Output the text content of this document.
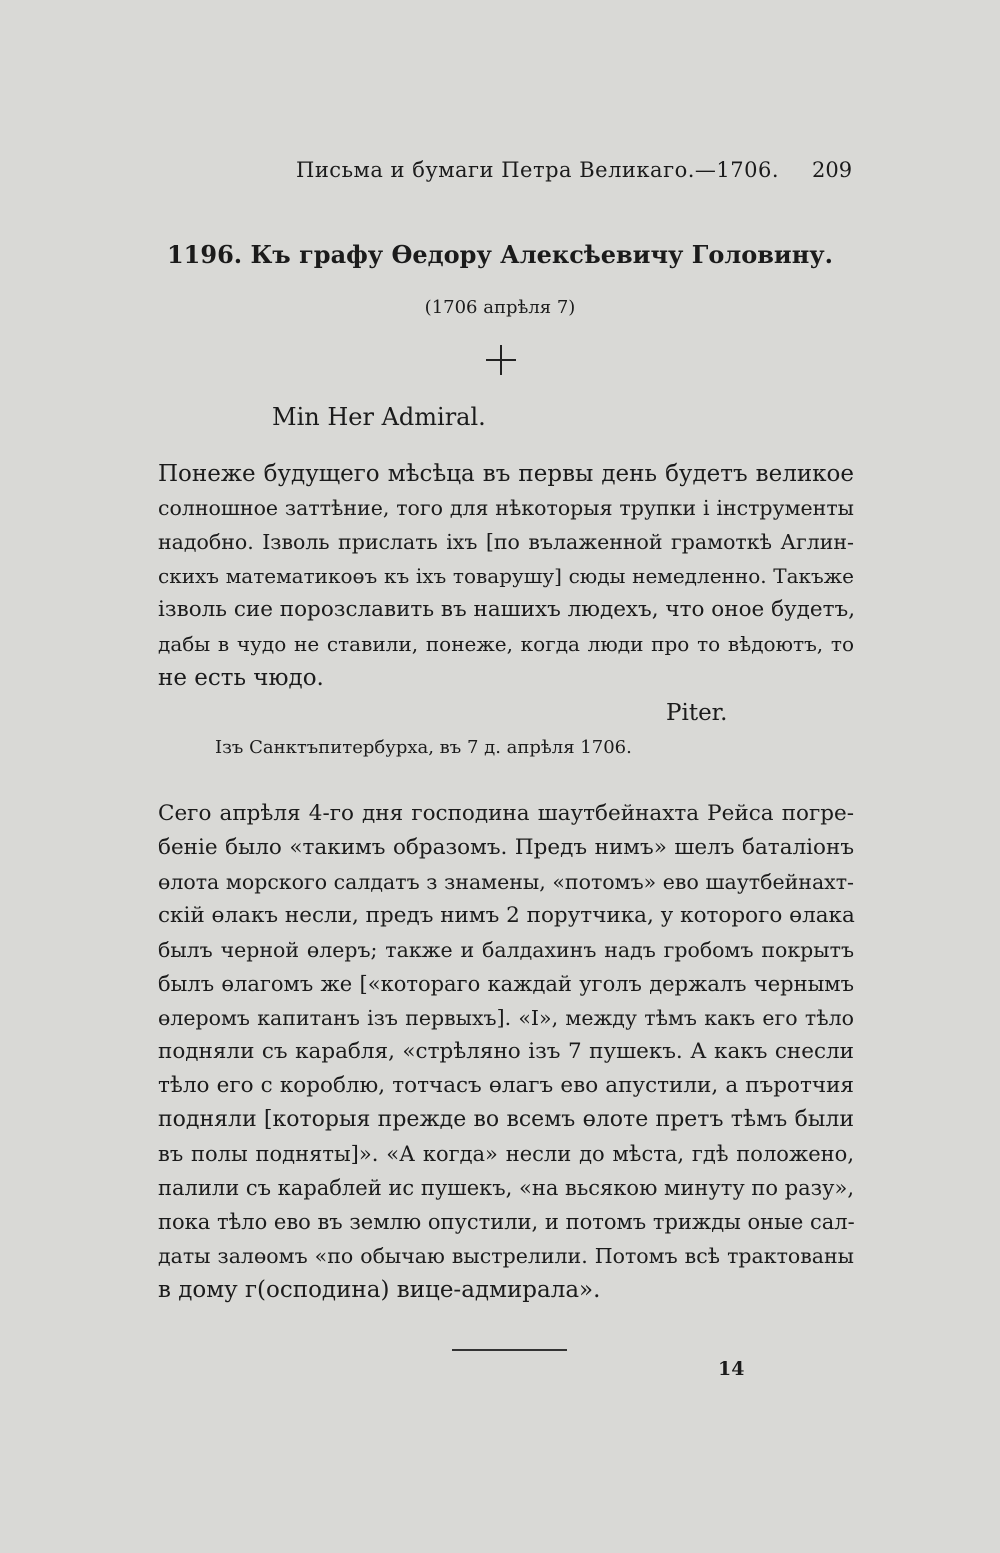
Письма и бумаги Петра Великаго.—1706. 209
1196. Къ графу Өедору Алексѣевичу Головину.
(1706 апрѣля 7)
Min Her Admiral.
Понеже будущего мѣсѣца въ первы день будетъ великое
солношное заттѣние, того для нѣкоторыя трупки і інструменты
надобно. Ізволь прислать іхъ [по вълаженной грамоткѣ Аглин-
скихъ математикоөъ къ іхъ товарушу] сюды немедленно. Такъже
ізволь сие порозславить въ нашихъ людехъ, что оное будетъ,
дабы в чудо не ставили, понеже, когда люди про то вѣдоютъ, то
не есть чюдо.
Piter.
Ізъ Санктъпитербурха, въ 7 д. апрѣля 1706.
Сего апрѣля 4-го дня господина шаутбейнахта Рейса погре-
беніе было «такимъ образомъ. Предъ нимъ» шелъ баталіонъ
өлота морского салдатъ з знамены, «потомъ» ево шаутбейнахт-
скій өлакъ несли, предъ нимъ 2 порутчика, у которого өлака
былъ черной өлеръ; также и балдахинъ надъ гробомъ покрытъ
былъ өлагомъ же [«котораго каждай уголъ держалъ чернымъ
өлеромъ капитанъ ізъ первыхъ]. «І», между тѣмъ какъ его тѣло
подняли съ карабля, «стрѣляно ізъ 7 пушекъ. А какъ снесли
тѣло его с короблю, тотчасъ өлагъ ево апустили, а пъротчия
подняли [которыя прежде во всемъ өлоте претъ тѣмъ были
въ полы подняты]». «А когда» несли до мѣста, гдѣ положено,
палили съ караблей ис пушекъ, «на вьсякою минуту по разу»,
пока тѣло ево въ землю опустили, и потомъ трижды оные сал-
даты залөомъ «по обычаю выстрелили. Потомъ всѣ трактованы
в дому г(осподина) вице-адмирала».
14
